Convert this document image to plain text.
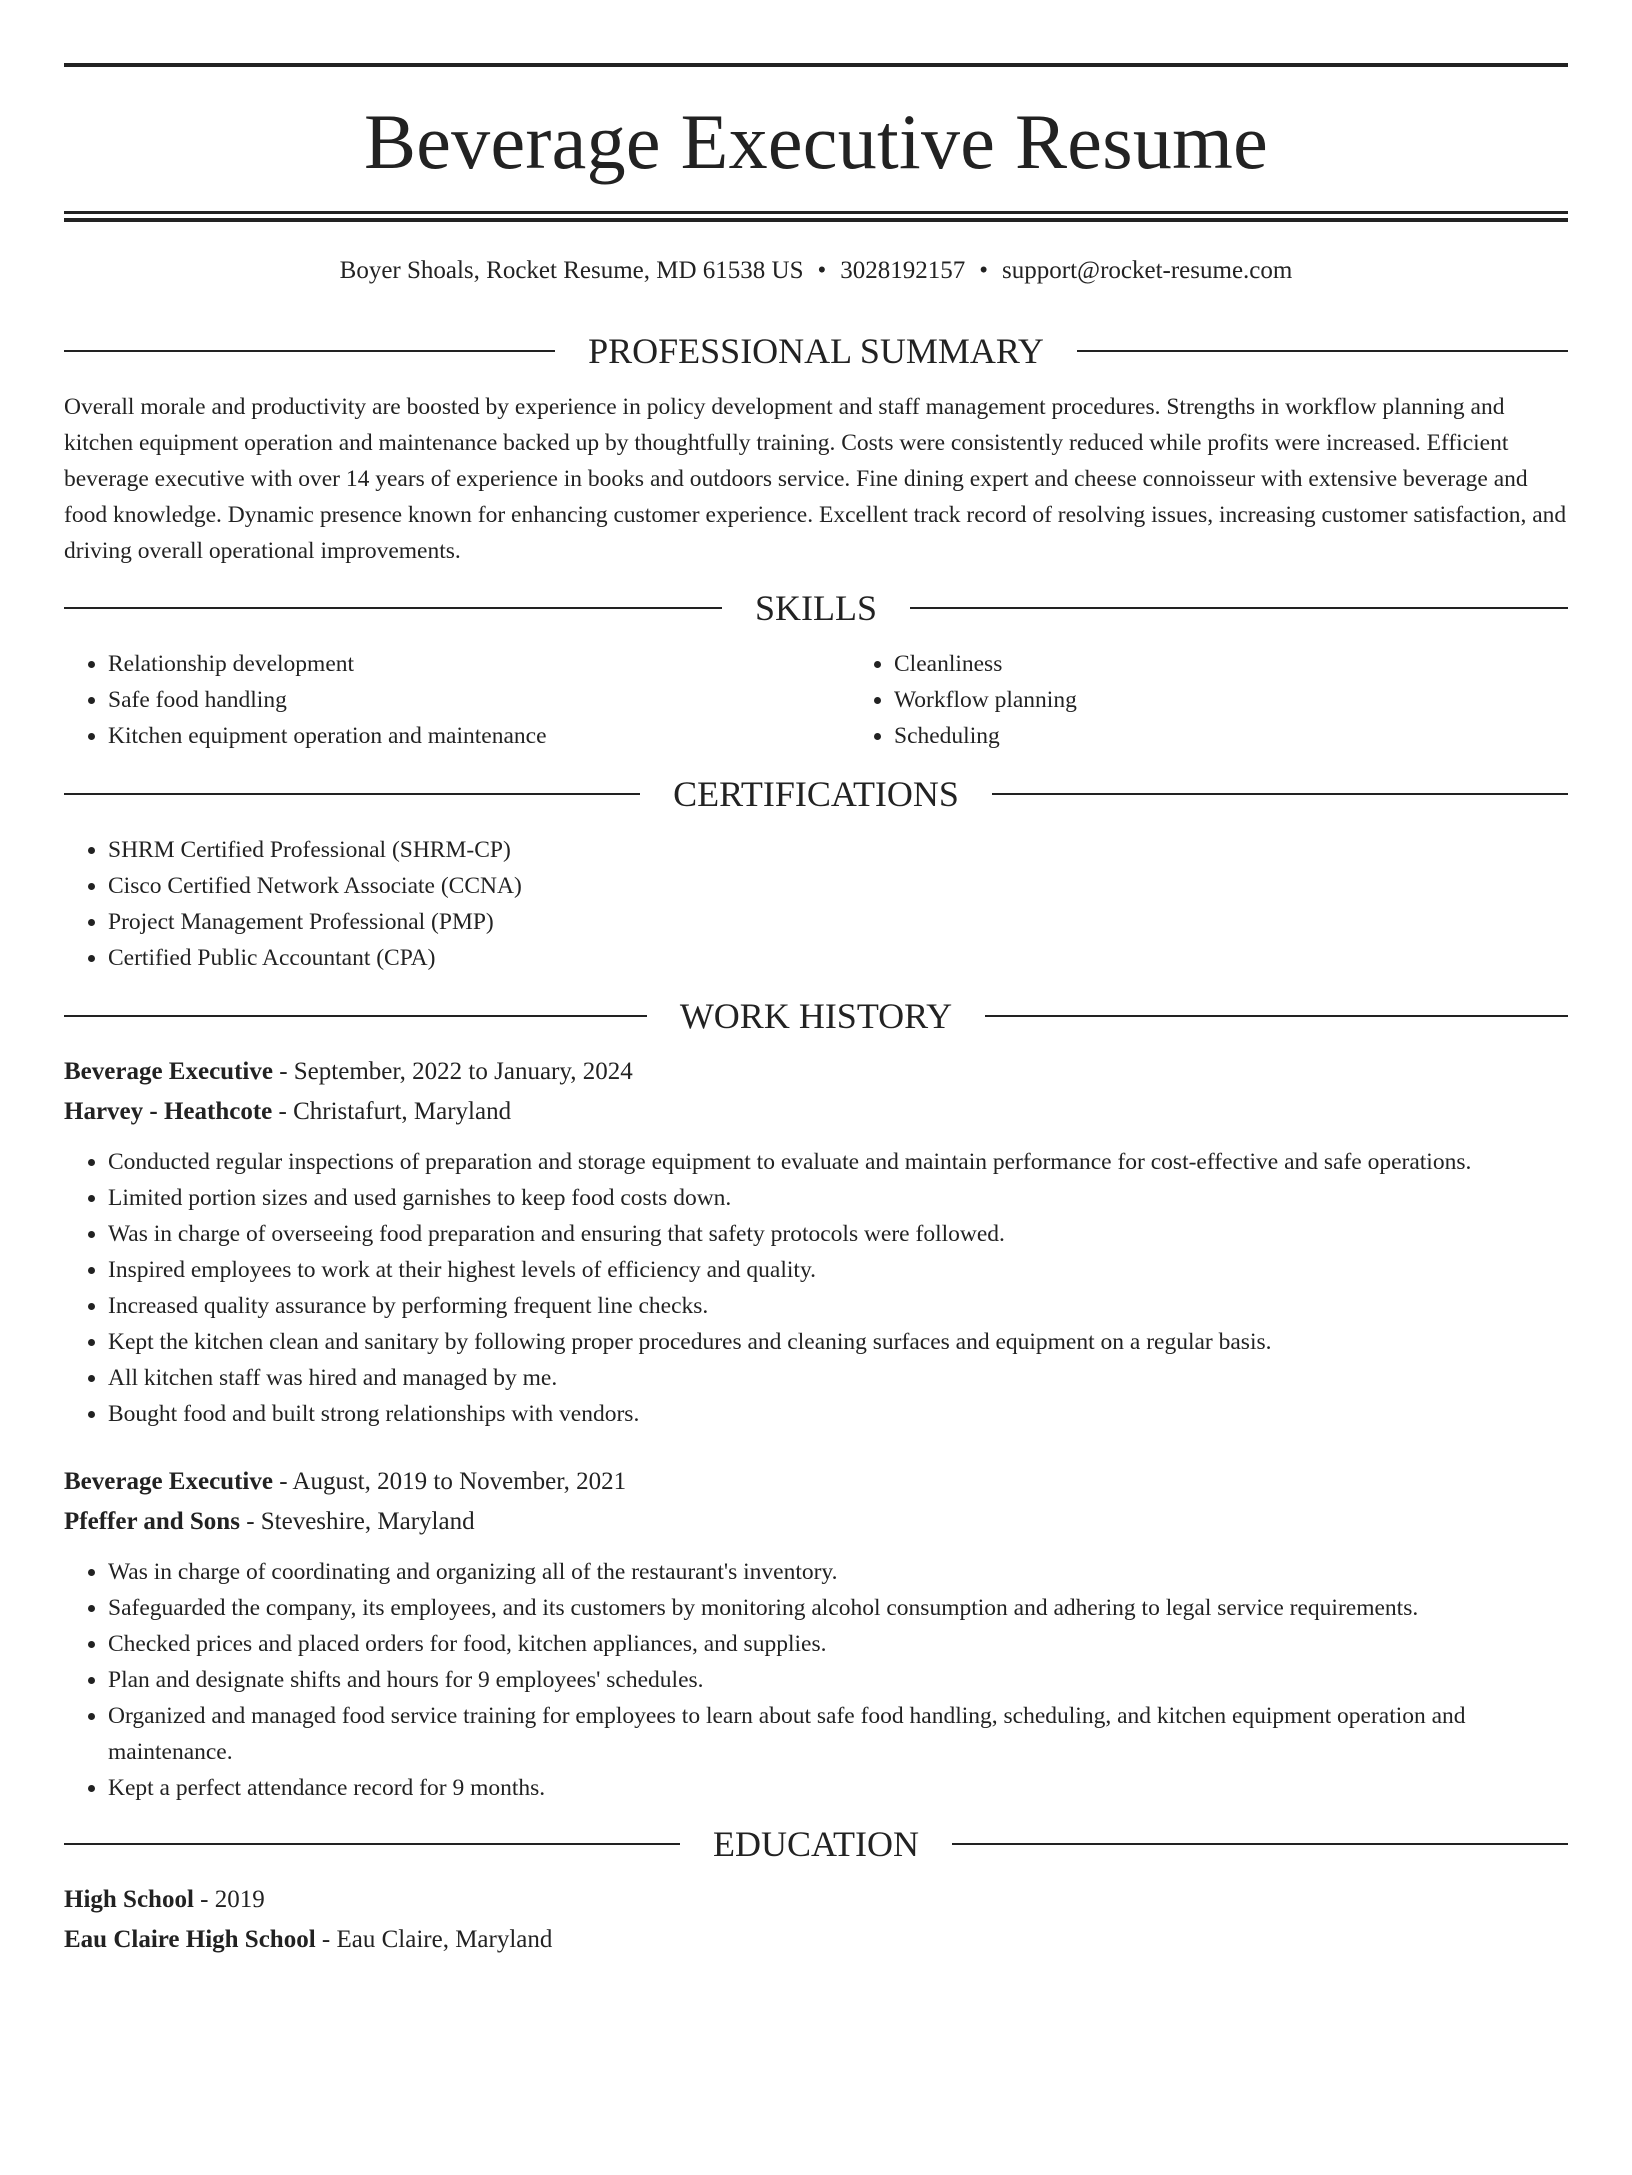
Beverage Executive Resume
Boyer Shoals, Rocket Resume, MD 61538 US • 3028192157 • support@rocket-resume.com
PROFESSIONAL SUMMARY

Overall morale and productivity are boosted by experience in policy development and staff management procedures. Strengths in workflow planning and kitchen equipment operation and maintenance backed up by thoughtfully training. Costs were consistently reduced while profits were increased. Efficient beverage executive with over 14 years of experience in books and outdoors service. Fine dining expert and cheese connoisseur with extensive beverage and food knowledge. Dynamic presence known for enhancing customer experience. Excellent track record of resolving issues, increasing customer satisfaction, and driving overall operational improvements.

SKILLS
• Relationship development
• Safe food handling
• Kitchen equipment operation and maintenance
• Cleanliness
• Workflow planning
• Scheduling
CERTIFICATIONS
• SHRM Certified Professional (SHRM-CP)
• Cisco Certified Network Associate (CCNA)
• Project Management Professional (PMP)
• Certified Public Accountant (CPA)
WORK HISTORY
Beverage Executive - September, 2022 to January, 2024
Harvey - Heathcote - Christafurt, Maryland
• Conducted regular inspections of preparation and storage equipment to evaluate and maintain performance for cost-effective and safe operations.
• Limited portion sizes and used garnishes to keep food costs down.
• Was in charge of overseeing food preparation and ensuring that safety protocols were followed.
• Inspired employees to work at their highest levels of efficiency and quality.
• Increased quality assurance by performing frequent line checks.
• Kept the kitchen clean and sanitary by following proper procedures and cleaning surfaces and equipment on a regular basis.
• All kitchen staff was hired and managed by me.
• Bought food and built strong relationships with vendors.
Beverage Executive - August, 2019 to November, 2021
Pfeffer and Sons - Steveshire, Maryland
• Was in charge of coordinating and organizing all of the restaurant's inventory.
• Safeguarded the company, its employees, and its customers by monitoring alcohol consumption and adhering to legal service requirements.
• Checked prices and placed orders for food, kitchen appliances, and supplies.
• Plan and designate shifts and hours for 9 employees' schedules.
• Organized and managed food service training for employees to learn about safe food handling, scheduling, and kitchen equipment operation and maintenance.
• Kept a perfect attendance record for 9 months.
EDUCATION
High School - 2019
Eau Claire High School - Eau Claire, Maryland
